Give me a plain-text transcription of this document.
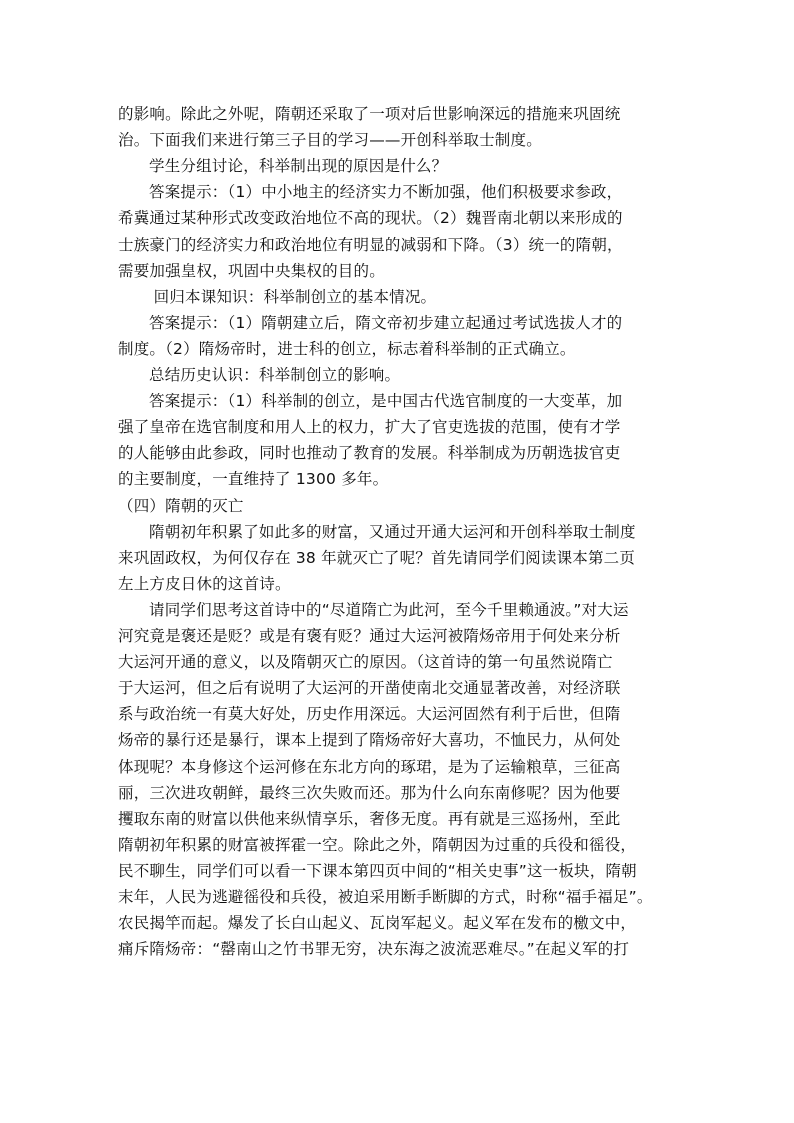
的影响。除此之外呢，隋朝还采取了一项对后世影响深远的措施来巩固统
治。下面我们来进行第三子目的学习——开创科举取士制度。
学生分组讨论，科举制出现的原因是什么？
答案提示：（1）中小地主的经济实力不断加强，他们积极要求参政，
希冀通过某种形式改变政治地位不高的现状。（2）魏晋南北朝以来形成的
士族豪门的经济实力和政治地位有明显的减弱和下降。（3）统一的隋朝，
需要加强皇权，巩固中央集权的目的。
回归本课知识：科举制创立的基本情况。
答案提示：（1）隋朝建立后，隋文帝初步建立起通过考试选拔人才的
制度。（2）隋炀帝时，进士科的创立，标志着科举制的正式确立。
总结历史认识：科举制创立的影响。
答案提示：（1）科举制的创立，是中国古代选官制度的一大变革，加
强了皇帝在选官制度和用人上的权力，扩大了官吏选拔的范围，使有才学
的人能够由此参政，同时也推动了教育的发展。科举制成为历朝选拔官吏
的主要制度，一直维持了 1300 多年。
（四）隋朝的灭亡
隋朝初年积累了如此多的财富，又通过开通大运河和开创科举取士制度
来巩固政权，为何仅存在 38 年就灭亡了呢？首先请同学们阅读课本第二页
左上方皮日休的这首诗。
请同学们思考这首诗中的“尽道隋亡为此河，至今千里赖通波。”对大运
河究竟是褒还是贬？或是有褒有贬？通过大运河被隋炀帝用于何处来分析
大运河开通的意义，以及隋朝灭亡的原因。（这首诗的第一句虽然说隋亡
于大运河，但之后有说明了大运河的开凿使南北交通显著改善，对经济联
系与政治统一有莫大好处，历史作用深远。大运河固然有利于后世，但隋
炀帝的暴行还是暴行，课本上提到了隋炀帝好大喜功，不恤民力，从何处
体现呢？本身修这个运河修在东北方向的琢珺，是为了运输粮草，三征高
丽，三次进攻朝鲜，最终三次失败而还。那为什么向东南修呢？因为他要
攫取东南的财富以供他来纵情享乐，奢侈无度。再有就是三巡扬州，至此
隋朝初年积累的财富被挥霍一空。除此之外，隋朝因为过重的兵役和徭役，
民不聊生，同学们可以看一下课本第四页中间的“相关史事”这一板块，隋朝
末年，人民为逃避徭役和兵役，被迫采用断手断脚的方式，时称“福手福足”。
农民揭竿而起。爆发了长白山起义、瓦岗军起义。起义军在发布的檄文中，
痛斥隋炀帝：“罄南山之竹书罪无穷，决东海之波流恶难尽。”在起义军的打
